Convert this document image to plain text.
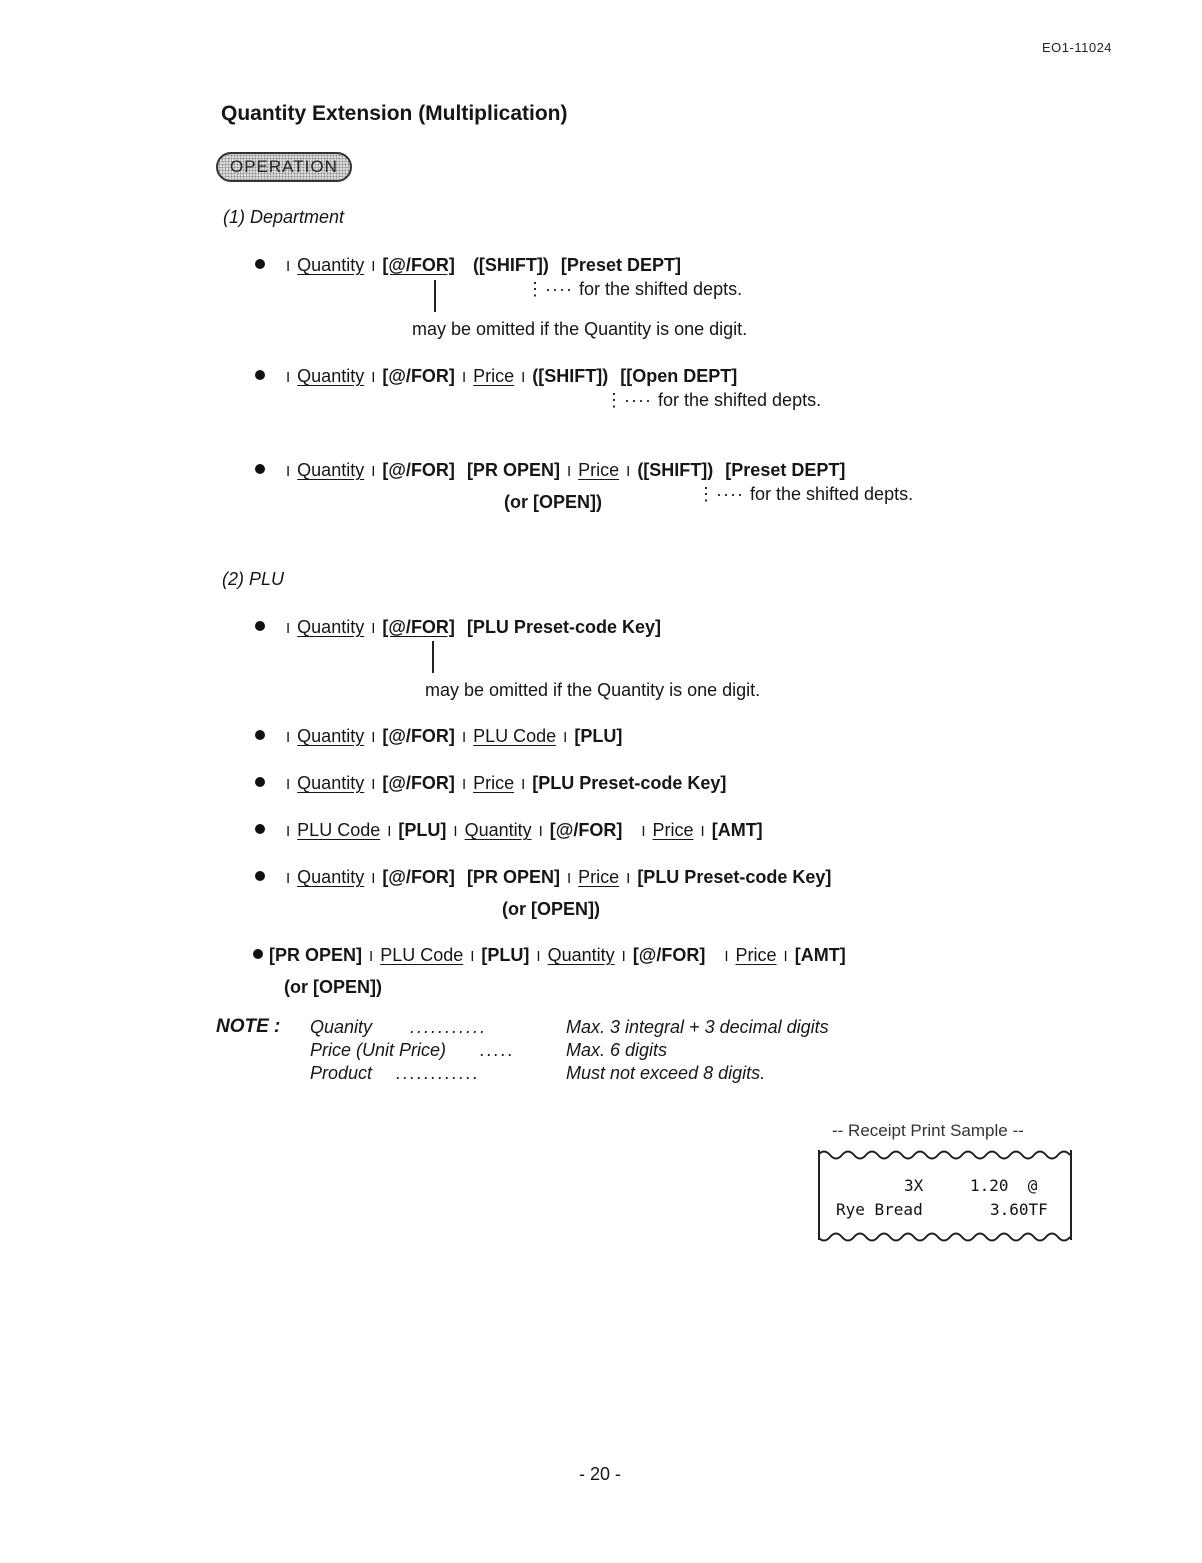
EO1-11024
Quantity Extension (Multiplication)
OPERATION
(1) Department
I Quantity I [@/FOR] ([SHIFT]) [Preset DEPT]
⋮···· for the shifted depts.
may be omitted if the Quantity is one digit.
I Quantity I [@/FOR] I Price I ([SHIFT]) [[Open DEPT]
⋮···· for the shifted depts.
I Quantity I [@/FOR] [PR OPEN] I Price I ([SHIFT]) [Preset DEPT]
(or [OPEN])	⋮···· for the shifted depts.
(2) PLU
I Quantity I [@/FOR] [PLU Preset-code Key]
may be omitted if the Quantity is one digit.
I Quantity I [@/FOR] I PLU Code I [PLU]
I Quantity I [@/FOR] I Price I [PLU Preset-code Key]
I PLU Code I [PLU] I Quantity I [@/FOR] I Price I [AMT]
I Quantity I [@/FOR] [PR OPEN] I Price I [PLU Preset-code Key]
(or [OPEN])
[PR OPEN] I PLU Code I [PLU] I Quantity I [@/FOR] I Price I [AMT]
(or [OPEN])
NOTE : Quanity ...........	Max. 3 integral + 3 decimal digits
Price (Unit Price) .....	Max. 6 digits
Product ............	Must not exceed 8 digits.
-- Receipt Print Sample --
3X	1.20  @
Rye Bread	3.60TF
- 20 -
